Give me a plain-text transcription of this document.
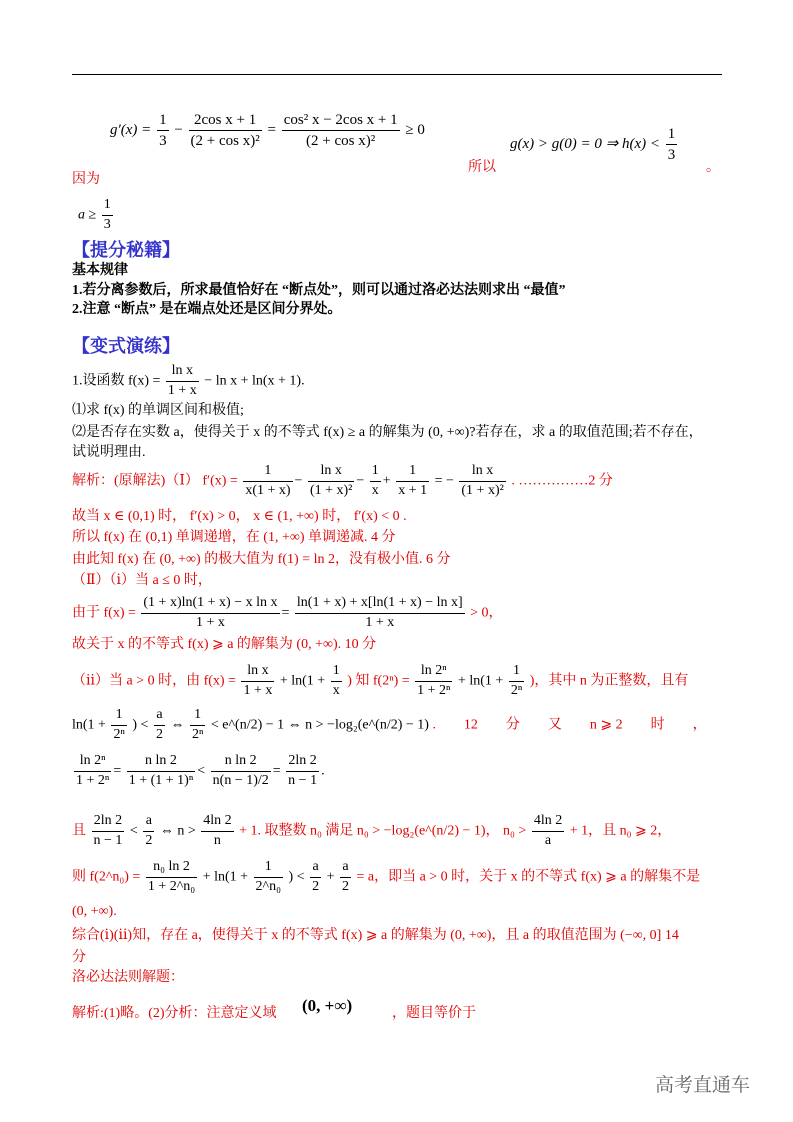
$g'(x) = \frac{1}{3} - \frac{\text{2cos x + 1}}{\text{(2 + cos x)²}} = \frac{\text{cos² x − 2cos x + 1}}{\text{(2 + cos x)²}} \ge 0$
所以
g(x) > g(0) = 0 ⇒ $h(x) < \frac{1}{3}$
。
因为
$a \ge \frac{1}{3}$
【提分秘籍】
基本规律
1.若分离参数后，所求最值恰好在 “断点处”，则可以通过洛必达法则求出 “最值”
2.注意 “断点” 是在端点处还是区间分界处。
【变式演练】
1.设函数 $f(x) = \frac{\text{ln x}}{1 + x} - \ln x + \ln(x + 1)$.
⑴求 f(x) 的单调区间和极值;
⑵是否存在实数 a，使得关于 x 的不等式 f(x) ≥ a 的解集为 (0, +∞)?若存在，求 a 的取值范围;若不存在，
试说明理由.
解析：(原解法)（Ⅰ） $f'(x) = \frac{1}{x(1 + x)} - \frac{\text{ln x}}{\text{(1 + x)²}} - \frac{1}{x} + \frac{1}{x + 1}$ = − $\frac{\text{ln x}}{\text{(1 + x)²}}$ . ……………2 分
故当 x ∈ (0,1) 时， f′(x) > 0， x ∈ (1, +∞) 时， f′(x) < 0 .
所以 f(x) 在 (0,1) 单调递增，在 (1, +∞) 单调递减. 4 分
由此知 f(x) 在 (0, +∞) 的极大值为 f(1) = ln 2，没有极小值. 6 分
（Ⅱ）（ⅰ）当 a ≤ 0 时，
由于 $f(x) = \frac{\text{(1 + x)ln(1 + x) − x ln x}}{1 + x} = \frac{\text{ln(1 + x) + x[ln(1 + x) − ln x]}}{1 + x} > 0$，
故关于 x 的不等式 f(x) ⩾ a 的解集为 (0, +∞). 10 分
（ⅱ）当 a > 0 时，由 $f(x) = \frac{\text{ln x}}{1 + x} + \ln(1 + \frac{1}{x}$ ) 知 $f(2^n) = \frac{\text{ln 2ⁿ}}{\text{1 + 2ⁿ}} + \ln(1 + \frac{1}{\text{2ⁿ}}$ )，其中 n 为正整数，且有
$\ln(1 + \frac{1}{\text{2ⁿ}}$ ) < $\frac{a}{2}$ ⇔ $\frac{1}{\text{2ⁿ}}$ < e^(n/2) − 1 ⇔ n > −log₂(e^(n/2) − 1) .　　12　　分　　又　　n ⩾ 2　　时　　，
$\frac{\text{ln 2ⁿ}}{\text{1 + 2ⁿ}} = \frac{\text{n ln 2}}{\text{1 + (1 + 1)ⁿ}} < \frac{\text{n ln 2}}{n(n - 1)/2} = \frac{2\ln 2}{n - 1}$ .
且 $\frac{2\ln 2}{n - 1} < \frac{a}{2}$ ⇔ $n > \frac{4\ln 2}{n} + 1$. 取整数 n₀ 满足 n₀ > −log₂(e^(n/2) − 1)， $n_0 > \frac{4\ln 2}{a} + 1$，且 n₀ ⩾ 2，
则 f(2^n₀) = $\frac{\text{n₀ ln 2}}{\text{1 + 2\textasciicircum{}n₀}} + \ln(1 + \frac{1}{\text{2\textasciicircum{}n₀}}$ ) < $\frac{a}{2} + \frac{a}{2} = a$，即当 a > 0 时，关于 x 的不等式 f(x) ⩾ a 的解集不是
(0, +∞).
综合(ⅰ)(ⅱ)知，存在 a，使得关于 x 的不等式 f(x) ⩾ a 的解集为 (0, +∞)，且 a 的取值范围为 (−∞, 0] 14
分
洛必达法则解题：
解析:(1)略。(2)分析：注意定义域 (0, +∞)	，题目等价于
高考直通车
